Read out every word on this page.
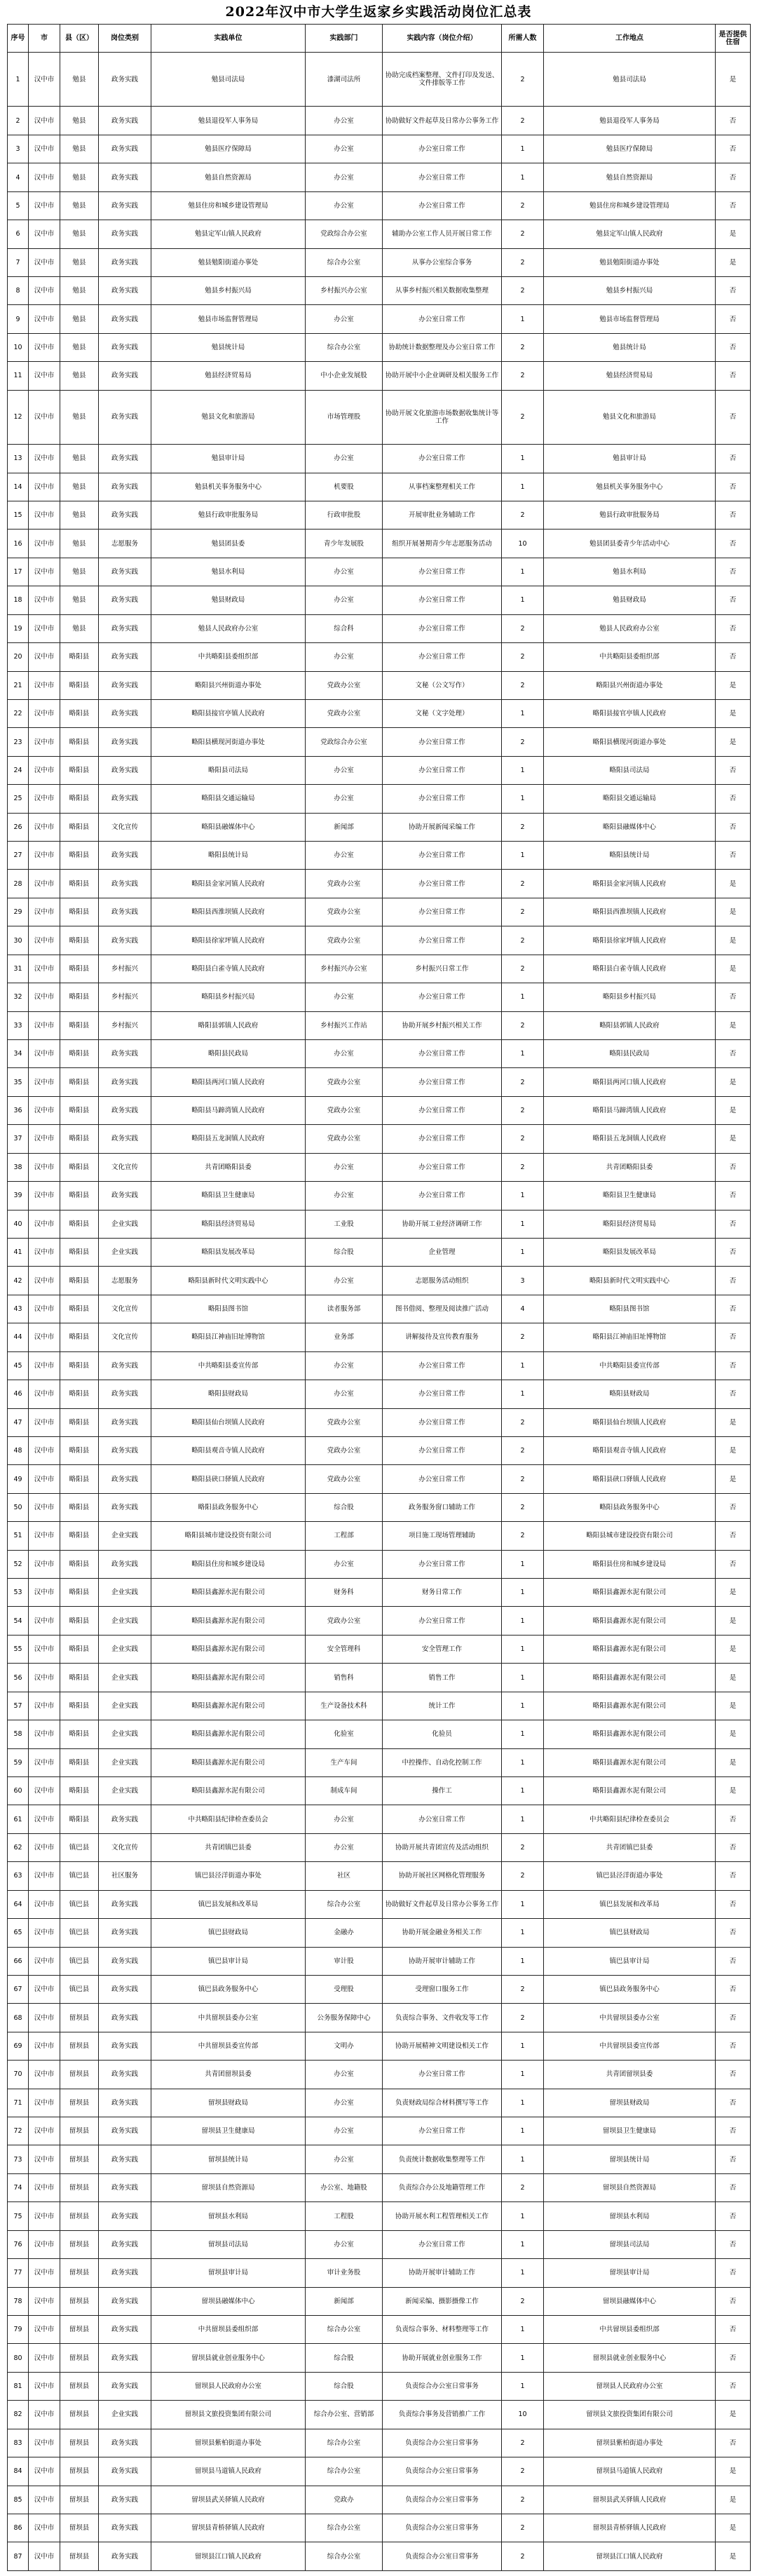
2022年汉中市大学生返家乡实践活动岗位汇总表
序号	市	县（区）	岗位类别	实践单位	实践部门	实践内容（岗位介绍）	所需人数	工作地点	是否提供住宿
1	汉中市	勉县	政务实践	勉县司法局	漆湖司法所	协助完成档案整理、文件打印及发送、文件排版等工作	2	勉县司法局	是
2	汉中市	勉县	政务实践	勉县退役军人事务局	办公室	协助做好文件起草及日常办公事务工作	2	勉县退役军人事务局	否
3	汉中市	勉县	政务实践	勉县医疗保障局	办公室	办公室日常工作	1	勉县医疗保障局	否
4	汉中市	勉县	政务实践	勉县自然资源局	办公室	办公室日常工作	1	勉县自然资源局	否
5	汉中市	勉县	政务实践	勉县住房和城乡建设管理局	办公室	办公室日常工作	2	勉县住房和城乡建设管理局	否
6	汉中市	勉县	政务实践	勉县定军山镇人民政府	党政综合办公室	辅助办公室工作人员开展日常工作	2	勉县定军山镇人民政府	是
7	汉中市	勉县	政务实践	勉县勉阳街道办事处	综合办公室	从事办公室综合事务	2	勉县勉阳街道办事处	是
8	汉中市	勉县	政务实践	勉县乡村振兴局	乡村振兴办公室	从事乡村振兴相关数据收集整理	2	勉县乡村振兴局	否
9	汉中市	勉县	政务实践	勉县市场监督管理局	办公室	办公室日常工作	1	勉县市场监督管理局	否
10	汉中市	勉县	政务实践	勉县统计局	综合办公室	协助统计数据整理及办公室日常工作	2	勉县统计局	否
11	汉中市	勉县	政务实践	勉县经济贸易局	中小企业发展股	协助开展中小企业调研及相关服务工作	2	勉县经济贸易局	否
12	汉中市	勉县	政务实践	勉县文化和旅游局	市场管理股	协助开展文化旅游市场数据收集统计等工作	2	勉县文化和旅游局	否
13	汉中市	勉县	政务实践	勉县审计局	办公室	办公室日常工作	1	勉县审计局	否
14	汉中市	勉县	政务实践	勉县机关事务服务中心	机要股	从事档案整理相关工作	1	勉县机关事务服务中心	否
15	汉中市	勉县	政务实践	勉县行政审批服务局	行政审批股	开展审批业务辅助工作	2	勉县行政审批服务局	否
16	汉中市	勉县	志愿服务	勉县团县委	青少年发展股	组织开展暑期青少年志愿服务活动	10	勉县团县委青少年活动中心	否
17	汉中市	勉县	政务实践	勉县水利局	办公室	办公室日常工作	1	勉县水利局	否
18	汉中市	勉县	政务实践	勉县财政局	办公室	办公室日常工作	1	勉县财政局	否
19	汉中市	勉县	政务实践	勉县人民政府办公室	综合科	办公室日常工作	2	勉县人民政府办公室	否
20	汉中市	略阳县	政务实践	中共略阳县委组织部	办公室	办公室日常工作	2	中共略阳县委组织部	否
21	汉中市	略阳县	政务实践	略阳县兴州街道办事处	党政办公室	文秘（公文写作）	2	略阳县兴州街道办事处	是
22	汉中市	略阳县	政务实践	略阳县接官亭镇人民政府	党政办公室	文秘（文字处理）	1	略阳县接官亭镇人民政府	是
23	汉中市	略阳县	政务实践	略阳县横现河街道办事处	党政综合办公室	办公室日常工作	2	略阳县横现河街道办事处	是
24	汉中市	略阳县	政务实践	略阳县司法局	办公室	办公室日常工作	1	略阳县司法局	否
25	汉中市	略阳县	政务实践	略阳县交通运输局	办公室	办公室日常工作	1	略阳县交通运输局	否
26	汉中市	略阳县	文化宣传	略阳县融媒体中心	新闻部	协助开展新闻采编工作	2	略阳县融媒体中心	否
27	汉中市	略阳县	政务实践	略阳县统计局	办公室	办公室日常工作	1	略阳县统计局	否
28	汉中市	略阳县	政务实践	略阳县金家河镇人民政府	党政办公室	办公室日常工作	2	略阳县金家河镇人民政府	是
29	汉中市	略阳县	政务实践	略阳县西淮坝镇人民政府	党政办公室	办公室日常工作	2	略阳县西淮坝镇人民政府	是
30	汉中市	略阳县	政务实践	略阳县徐家坪镇人民政府	党政办公室	办公室日常工作	2	略阳县徐家坪镇人民政府	是
31	汉中市	略阳县	乡村振兴	略阳县白雀寺镇人民政府	乡村振兴办公室	乡村振兴日常工作	2	略阳县白雀寺镇人民政府	是
32	汉中市	略阳县	乡村振兴	略阳县乡村振兴局	办公室	办公室日常工作	1	略阳县乡村振兴局	否
33	汉中市	略阳县	乡村振兴	略阳县郭镇人民政府	乡村振兴工作站	协助开展乡村振兴相关工作	2	略阳县郭镇人民政府	是
34	汉中市	略阳县	政务实践	略阳县民政局	办公室	办公室日常工作	1	略阳县民政局	否
35	汉中市	略阳县	政务实践	略阳县两河口镇人民政府	党政办公室	办公室日常工作	2	略阳县两河口镇人民政府	是
36	汉中市	略阳县	政务实践	略阳县马蹄湾镇人民政府	党政办公室	办公室日常工作	2	略阳县马蹄湾镇人民政府	是
37	汉中市	略阳县	政务实践	略阳县五龙洞镇人民政府	党政办公室	办公室日常工作	2	略阳县五龙洞镇人民政府	是
38	汉中市	略阳县	文化宣传	共青团略阳县委	办公室	办公室日常工作	2	共青团略阳县委	否
39	汉中市	略阳县	政务实践	略阳县卫生健康局	办公室	办公室日常工作	1	略阳县卫生健康局	否
40	汉中市	略阳县	企业实践	略阳县经济贸易局	工业股	协助开展工业经济调研工作	1	略阳县经济贸易局	否
41	汉中市	略阳县	企业实践	略阳县发展改革局	综合股	企业管理	1	略阳县发展改革局	否
42	汉中市	略阳县	志愿服务	略阳县新时代文明实践中心	办公室	志愿服务活动组织	3	略阳县新时代文明实践中心	否
43	汉中市	略阳县	文化宣传	略阳县图书馆	读者服务部	图书借阅、整理及阅读推广活动	4	略阳县图书馆	否
44	汉中市	略阳县	文化宣传	略阳县江神庙旧址博物馆	业务部	讲解接待及宣传教育服务	2	略阳县江神庙旧址博物馆	否
45	汉中市	略阳县	政务实践	中共略阳县委宣传部	办公室	办公室日常工作	1	中共略阳县委宣传部	否
46	汉中市	略阳县	政务实践	略阳县财政局	办公室	办公室日常工作	1	略阳县财政局	否
47	汉中市	略阳县	政务实践	略阳县仙台坝镇人民政府	党政办公室	办公室日常工作	2	略阳县仙台坝镇人民政府	是
48	汉中市	略阳县	政务实践	略阳县观音寺镇人民政府	党政办公室	办公室日常工作	2	略阳县观音寺镇人民政府	是
49	汉中市	略阳县	政务实践	略阳县硖口驿镇人民政府	党政办公室	办公室日常工作	2	略阳县硖口驿镇人民政府	是
50	汉中市	略阳县	政务实践	略阳县政务服务中心	综合股	政务服务窗口辅助工作	2	略阳县政务服务中心	否
51	汉中市	略阳县	企业实践	略阳县城市建设投资有限公司	工程部	项目施工现场管理辅助	2	略阳县城市建设投资有限公司	否
52	汉中市	略阳县	政务实践	略阳县住房和城乡建设局	办公室	办公室日常工作	1	略阳县住房和城乡建设局	否
53	汉中市	略阳县	企业实践	略阳县鑫源水泥有限公司	财务科	财务日常工作	1	略阳县鑫源水泥有限公司	是
54	汉中市	略阳县	企业实践	略阳县鑫源水泥有限公司	党政办公室	办公室日常工作	1	略阳县鑫源水泥有限公司	是
55	汉中市	略阳县	企业实践	略阳县鑫源水泥有限公司	安全管理科	安全管理工作	1	略阳县鑫源水泥有限公司	是
56	汉中市	略阳县	企业实践	略阳县鑫源水泥有限公司	销售科	销售工作	1	略阳县鑫源水泥有限公司	是
57	汉中市	略阳县	企业实践	略阳县鑫源水泥有限公司	生产设备技术科	统计工作	1	略阳县鑫源水泥有限公司	是
58	汉中市	略阳县	企业实践	略阳县鑫源水泥有限公司	化验室	化验员	1	略阳县鑫源水泥有限公司	是
59	汉中市	略阳县	企业实践	略阳县鑫源水泥有限公司	生产车间	中控操作、自动化控制工作	1	略阳县鑫源水泥有限公司	是
60	汉中市	略阳县	企业实践	略阳县鑫源水泥有限公司	制成车间	操作工	1	略阳县鑫源水泥有限公司	是
61	汉中市	略阳县	政务实践	中共略阳县纪律检查委员会	办公室	办公室日常工作	1	中共略阳县纪律检查委员会	否
62	汉中市	镇巴县	文化宣传	共青团镇巴县委	办公室	协助开展共青团宣传及活动组织	2	共青团镇巴县委	否
63	汉中市	镇巴县	社区服务	镇巴县泾洋街道办事处	社区	协助开展社区网格化管理服务	2	镇巴县泾洋街道办事处	否
64	汉中市	镇巴县	政务实践	镇巴县发展和改革局	综合办公室	协助做好文件起草及日常办公事务工作	1	镇巴县发展和改革局	否
65	汉中市	镇巴县	政务实践	镇巴县财政局	金融办	协助开展金融业务相关工作	1	镇巴县财政局	否
66	汉中市	镇巴县	政务实践	镇巴县审计局	审计股	协助开展审计辅助工作	1	镇巴县审计局	否
67	汉中市	镇巴县	政务实践	镇巴县政务服务中心	受理股	受理窗口服务工作	2	镇巴县政务服务中心	否
68	汉中市	留坝县	政务实践	中共留坝县委办公室	公务服务保障中心	负责综合事务、文件收发等工作	2	中共留坝县委办公室	否
69	汉中市	留坝县	政务实践	中共留坝县委宣传部	文明办	协助开展精神文明建设相关工作	1	中共留坝县委宣传部	否
70	汉中市	留坝县	政务实践	共青团留坝县委	办公室	办公室日常工作	1	共青团留坝县委	否
71	汉中市	留坝县	政务实践	留坝县财政局	办公室	负责财政局综合材料撰写等工作	1	留坝县财政局	否
72	汉中市	留坝县	政务实践	留坝县卫生健康局	办公室	办公室日常工作	1	留坝县卫生健康局	否
73	汉中市	留坝县	政务实践	留坝县统计局	办公室	负责统计数据收集整理等工作	1	留坝县统计局	否
74	汉中市	留坝县	政务实践	留坝县自然资源局	办公室、地籍股	负责综合办公及地籍管理工作	2	留坝县自然资源局	否
75	汉中市	留坝县	政务实践	留坝县水利局	工程股	协助开展水利工程管理相关工作	1	留坝县水利局	否
76	汉中市	留坝县	政务实践	留坝县司法局	办公室	办公室日常工作	1	留坝县司法局	否
77	汉中市	留坝县	政务实践	留坝县审计局	审计业务股	协助开展审计辅助工作	1	留坝县审计局	否
78	汉中市	留坝县	政务实践	留坝县融媒体中心	新闻部	新闻采编、摄影摄像工作	2	留坝县融媒体中心	否
79	汉中市	留坝县	政务实践	中共留坝县委组织部	综合办公室	负责综合事务、材料整理等工作	1	中共留坝县委组织部	否
80	汉中市	留坝县	政务实践	留坝县就业创业服务中心	综合股	协助开展就业创业服务工作	1	留坝县就业创业服务中心	否
81	汉中市	留坝县	政务实践	留坝县人民政府办公室	综合股	负责综合办公室日常事务	1	留坝县人民政府办公室	否
82	汉中市	留坝县	企业实践	留坝县文旅投资集团有限公司	综合办公室、营销部	负责综合事务及营销推广工作	10	留坝县文旅投资集团有限公司	是
83	汉中市	留坝县	政务实践	留坝县紫柏街道办事处	综合办公室	负责综合办公室日常事务	2	留坝县紫柏街道办事处	否
84	汉中市	留坝县	政务实践	留坝县马道镇人民政府	综合办公室	负责综合办公室日常事务	2	留坝县马道镇人民政府	是
85	汉中市	留坝县	政务实践	留坝县武关驿镇人民政府	党政办	负责综合办公室日常事务	2	留坝县武关驿镇人民政府	是
86	汉中市	留坝县	政务实践	留坝县青桥驿镇人民政府	综合办公室	负责综合办公室日常事务	2	留坝县青桥驿镇人民政府	是
87	汉中市	留坝县	政务实践	留坝县江口镇人民政府	综合办公室	负责综合办公室日常事务	2	留坝县江口镇人民政府	是
